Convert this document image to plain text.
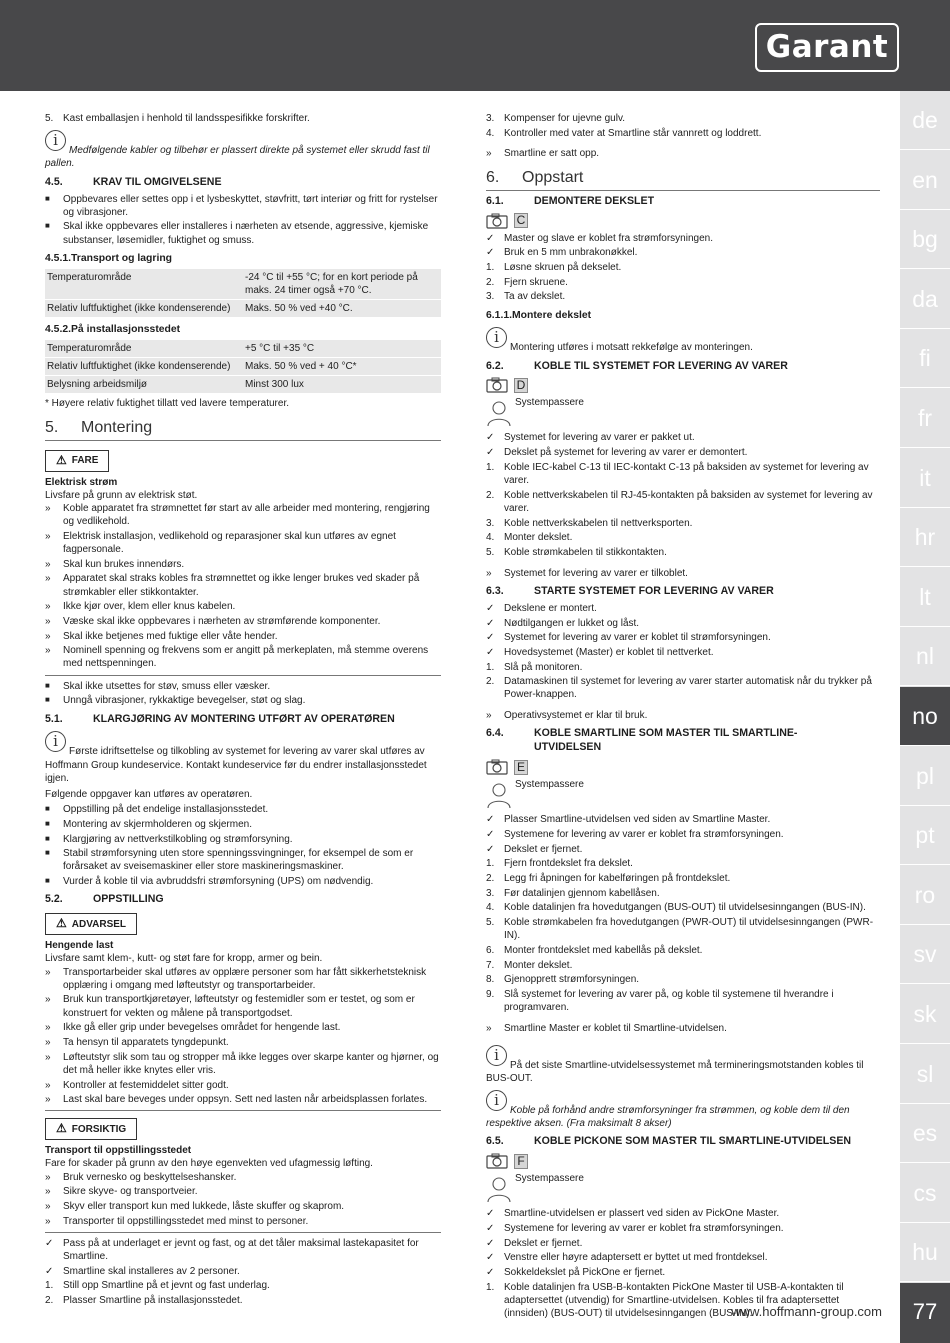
Garant
de
en
bg
da
fi
fr
it
hr
lt
nl
no
pl
pt
ro
sv
sk
sl
es
cs
hu
77
www.hoffmann-group.com
5. Kast emballasjen i henhold til landsspesifikke forskrifter.
i
Medfølgende kabler og tilbehør er plassert direkte på systemet eller skrudd fast til pallen.
4.5.	KRAV TIL OMGIVELSENE
■	Oppbevares eller settes opp i et lysbeskyttet, støvfritt, tørt interiør og fritt for rystelser og vibrasjoner.
■	Skal ikke oppbevares eller installeres i nærheten av etsende, aggressive, kjemiske substanser, løsemidler, fuktighet og smuss.
4.5.1. Transport og lagring
Temperaturområde	-24 °C til +55 °C; for en kort periode på maks. 24 timer også +70 °C.
Relativ luftfuktighet (ikke kondenserende)	Maks. 50 % ved +40 °C.
4.5.2. På installasjonsstedet
Temperaturområde	+5 °C til +35 °C
Relativ luftfuktighet (ikke kondenserende)	Maks. 50 % ved + 40 °C*
Belysning arbeidsmiljø	Minst 300 lux
* Høyere relativ fuktighet tillatt ved lavere temperaturer.
5.	Montering
⚠ FARE
Elektrisk strøm
Livsfare på grunn av elektrisk støt.
»	Koble apparatet fra strømnettet før start av alle arbeider med montering, rengjøring og vedlikehold.
»	Elektrisk installasjon, vedlikehold og reparasjoner skal kun utføres av egnet fagpersonale.
»	Skal kun brukes innendørs.
»	Apparatet skal straks kobles fra strømnettet og ikke lenger brukes ved skader på strømkabler eller stikkontakter.
»	Ikke kjør over, klem eller knus kabelen.
»	Væske skal ikke oppbevares i nærheten av strømførende komponenter.
»	Skal ikke betjenes med fuktige eller våte hender.
»	Nominell spenning og frekvens som er angitt på merkeplaten, må stemme overens med nettspenningen.
■	Skal ikke utsettes for støv, smuss eller væsker.
■	Unngå vibrasjoner, rykkaktige bevegelser, støt og slag.
5.1.	KLARGJØRING AV MONTERING UTFØRT AV OPERATØREN
i
Første idriftsettelse og tilkobling av systemet for levering av varer skal utføres av Hoffmann Group kundeservice. Kontakt kundeservice før du endrer installasjonsstedet igjen.
Følgende oppgaver kan utføres av operatøren.
■	Oppstilling på det endelige installasjonsstedet.
■	Montering av skjermholderen og skjermen.
■	Klargjøring av nettverkstilkobling og strømforsyning.
■	Stabil strømforsyning uten store spenningssvingninger, for eksempel de som er forårsaket av sveisemaskiner eller store maskineringsmaskiner.
■	Vurder å koble til via avbruddsfri strømforsyning (UPS) om nødvendig.
5.2.	OPPSTILLING
⚠ ADVARSEL
Hengende last
Livsfare samt klem-, kutt- og støt fare for kropp, armer og bein.
»	Transportarbeider skal utføres av opplære personer som har fått sikkerhetsteknisk opplæring i omgang med løfteutstyr og transportarbeider.
»	Bruk kun transportkjøretøyer, løfteutstyr og festemidler som er testet, og som er konstruert for vekten og målene på transportgodset.
»	Ikke gå eller grip under bevegelses området for hengende last.
»	Ta hensyn til apparatets tyngdepunkt.
»	Løfteutstyr slik som tau og stropper må ikke legges over skarpe kanter og hjørner, og det må heller ikke knytes eller vris.
»	Kontroller at festemiddelet sitter godt.
»	Last skal bare beveges under oppsyn. Sett ned lasten når arbeidsplassen forlates.
⚠ FORSIKTIG
Transport til oppstillingsstedet
Fare for skader på grunn av den høye egenvekten ved ufagmessig løfting.
»	Bruk vernesko og beskyttelseshansker.
»	Sikre skyve- og transportveier.
»	Skyv eller transport kun med lukkede, låste skuffer og skaprom.
»	Transporter til oppstillingsstedet med minst to personer.
✓ Pass på at underlaget er jevnt og fast, og at det tåler maksimal lastekapasitet for Smartline.
✓ Smartline skal installeres av 2 personer.
1. Still opp Smartline på et jevnt og fast underlag.
2. Plasser Smartline på installasjonsstedet.
3. Kompenser for ujevne gulv.
4. Kontroller med vater at Smartline står vannrett og loddrett.
»	Smartline er satt opp.
6.	Oppstart
6.1.	DEMONTERE DEKSLET
C
✓ Master og slave er koblet fra strømforsyningen.
✓ Bruk en 5 mm unbrakonøkkel.
1. Løsne skruen på dekselet.
2. Fjern skruene.
3. Ta av dekslet.
6.1.1. Montere dekslet
i
Montering utføres i motsatt rekkefølge av monteringen.
6.2.	KOBLE TIL SYSTEMET FOR LEVERING AV VARER
D
Systempassere
✓ Systemet for levering av varer er pakket ut.
✓ Dekslet på systemet for levering av varer er demontert.
1. Koble IEC-kabel C-13 til IEC-kontakt C-13 på baksiden av systemet for levering av varer.
2. Koble nettverkskabelen til RJ-45-kontakten på baksiden av systemet for levering av varer.
3. Koble nettverkskabelen til nettverksporten.
4. Monter dekslet.
5. Koble strømkabelen til stikkontakten.
»	Systemet for levering av varer er tilkoblet.
6.3.	STARTE SYSTEMET FOR LEVERING AV VARER
✓ Dekslene er montert.
✓ Nødtilgangen er lukket og låst.
✓ Systemet for levering av varer er koblet til strømforsyningen.
✓ Hovedsystemet (Master) er koblet til nettverket.
1. Slå på monitoren.
2. Datamaskinen til systemet for levering av varer starter automatisk når du trykker på Power-knappen.
»	Operativsystemet er klar til bruk.
6.4.	KOBLE SMARTLINE SOM MASTER TIL SMARTLINE-UTVIDELSEN
E
Systempassere
✓ Plasser Smartline-utvidelsen ved siden av Smartline Master.
✓ Systemene for levering av varer er koblet fra strømforsyningen.
✓ Dekslet er fjernet.
1. Fjern frontdekslet fra dekslet.
2. Legg fri åpningen for kabelføringen på frontdekslet.
3. Før datalinjen gjennom kabellåsen.
4. Koble datalinjen fra hovedutgangen (BUS-OUT) til utvidelsesinngangen (BUS-IN).
5. Koble strømkabelen fra hovedutgangen (PWR-OUT) til utvidelsesinngangen (PWR-IN).
6. Monter frontdekslet med kabellås på dekslet.
7. Monter dekslet.
8. Gjenopprett strømforsyningen.
9. Slå systemet for levering av varer på, og koble til systemene til hverandre i programvaren.
»	Smartline Master er koblet til Smartline-utvidelsen.
i
På det siste Smartline-utvidelsessystemet må termineringsmotstanden kobles til BUS-OUT.
i
Koble på forhånd andre strømforsyninger fra strømmen, og koble dem til den respektive aksen. (Fra maksimalt 8 akser)
6.5.	KOBLE PICKONE SOM MASTER TIL SMARTLINE-UTVIDELSEN
F
Systempassere
✓ Smartline-utvidelsen er plassert ved siden av PickOne Master.
✓ Systemene for levering av varer er koblet fra strømforsyningen.
✓ Dekslet er fjernet.
✓ Venstre eller høyre adaptersett er byttet ut med frontdeksel.
✓ Sokkeldekslet på PickOne er fjernet.
1. Koble datalinjen fra USB-B-kontakten PickOne Master til USB-A-kontakten til adaptersettet (utvendig) for Smartline-utvidelsen. Kobles til fra adaptersettet (innsiden) (BUS-OUT) til utvidelsesinngangen (BUS-IN).
